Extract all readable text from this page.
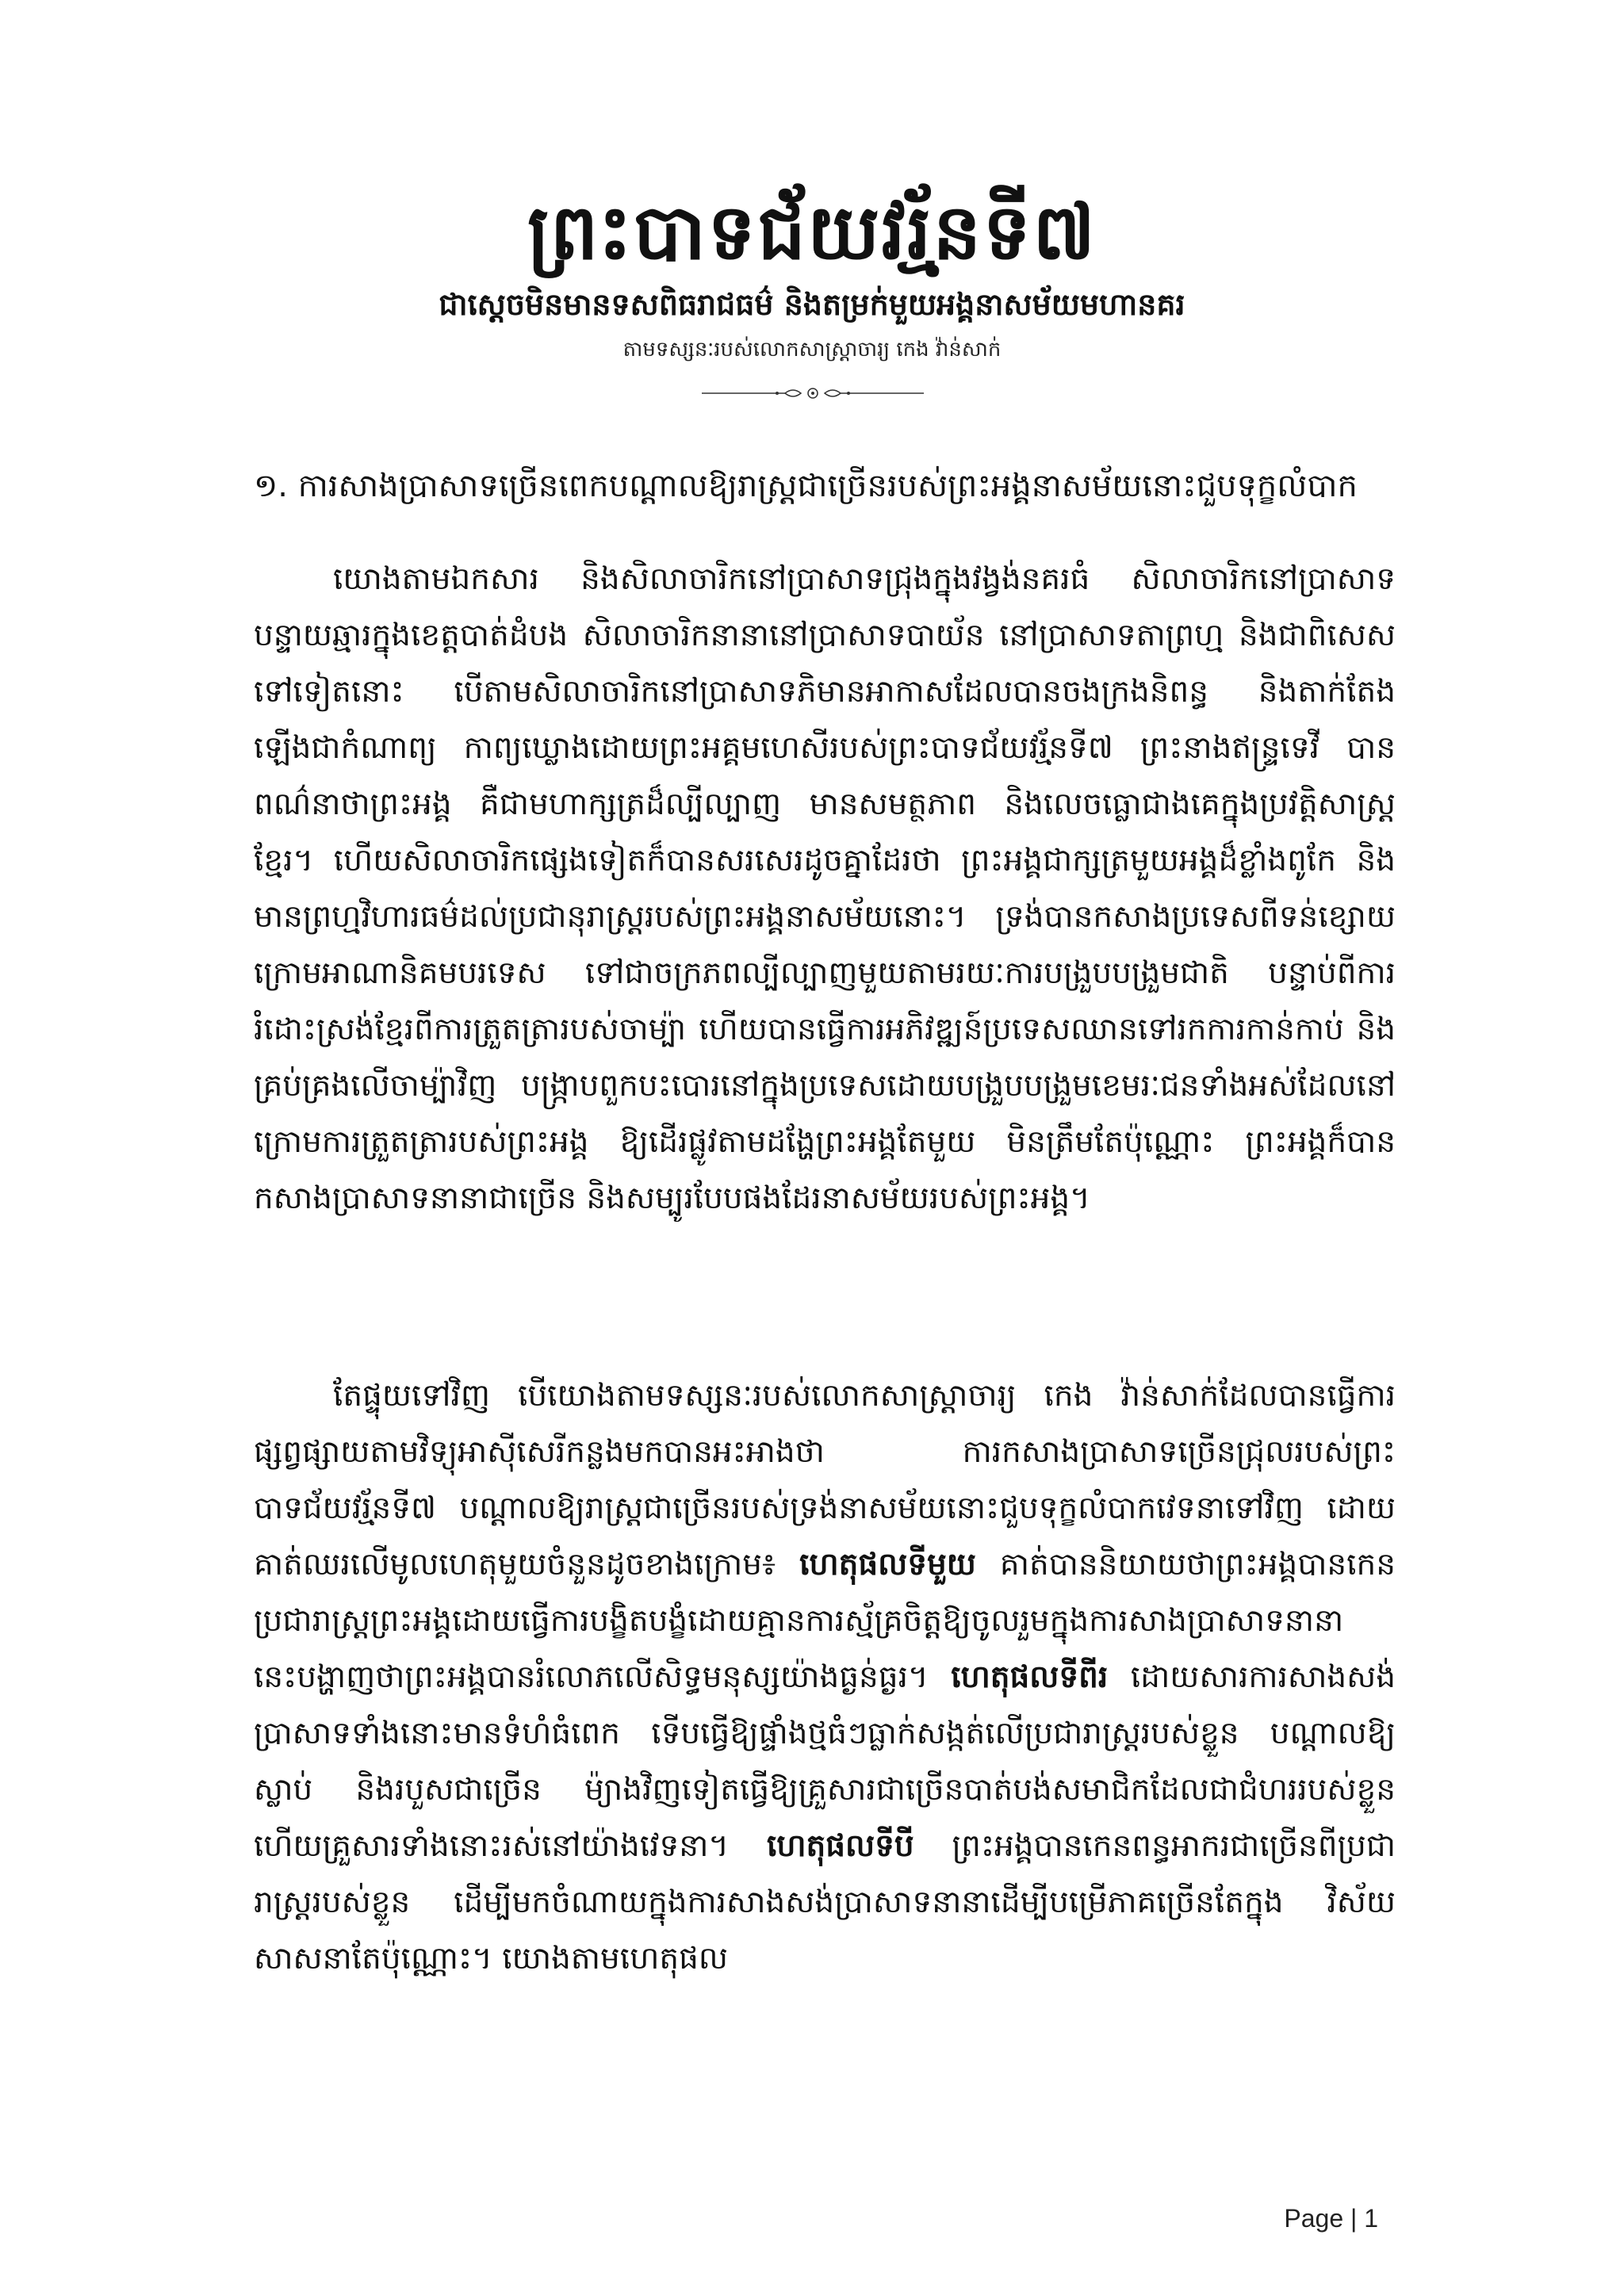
ព្រះបាទជ័យវរ្ម័នទី៧
ជាស្ដេចមិនមានទសពិធរាជធម៌ និងតម្រក់មួយអង្គនាសម័យមហានគរ
តាមទស្សនៈរបស់លោកសាស្ត្រាចារ្យ កេង វ៉ាន់សាក់
១. ការសាងប្រាសាទច្រើនពេកបណ្ដាលឱ្យរាស្ត្រជាច្រើនរបស់ព្រះអង្គនាសម័យនោះជួបទុក្ខលំបាក

យោងតាមឯកសារ និងសិលាចារិកនៅប្រាសាទជ្រុងក្នុងវង្វង់នគរធំ សិលាចារិកនៅប្រាសាទបន្ទាយឆ្មារក្នុងខេត្តបាត់ដំបង សិលាចារិកនានានៅប្រាសាទបាយ័ន នៅប្រាសាទតាព្រហ្ម និងជាពិសេសទៅទៀតនោះ បើតាមសិលាចារិកនៅប្រាសាទភិមានអាកាសដែលបានចងក្រងនិពន្ធ និងតាក់តែងឡើងជាកំណាព្យ កាព្យឃ្លោងដោយព្រះអគ្គមហេសីរបស់ព្រះបាទជ័យវរ្ម័នទី៧ ព្រះនាងឥន្ទ្រទេវី បានពណ៌នាថាព្រះអង្គ គឺជាមហាក្សត្រដ៏ល្បីល្បាញ មានសមត្ថភាព និងលេចធ្លោជាងគេក្នុងប្រវត្តិសាស្ត្រខ្មែរ។ ហើយសិលាចារិកផ្សេងទៀតក៏បានសរសេរដូចគ្នាដែរថា ព្រះអង្គជាក្សត្រមួយអង្គដ៏ខ្លាំងពូកែ និងមានព្រហ្មវិហារធម៌ដល់ប្រជានុរាស្ត្ររបស់ព្រះអង្គនាសម័យនោះ។ ទ្រង់បានកសាងប្រទេសពីទន់ខ្សោយក្រោមអាណានិគមបរទេស ទៅជាចក្រភពល្បីល្បាញមួយតាមរយៈការបង្រួបបង្រួមជាតិ បន្ទាប់ពីការរំដោះស្រង់ខ្មែរពីការត្រួតត្រារបស់ចាម្ប៉ា ហើយបានធ្វើការអភិវឌ្ឍន៍ប្រទេសឈានទៅរកការកាន់កាប់ និងគ្រប់គ្រងលើចាម្ប៉ាវិញ បង្ក្រាបពួកបះបោរនៅក្នុងប្រទេសដោយបង្រួបបង្រួមខេមរៈជនទាំងអស់ដែលនៅក្រោមការត្រួតត្រារបស់ព្រះអង្គ ឱ្យដើរផ្លូវតាមដង្ហែព្រះអង្គតែមួយ មិនត្រឹមតែប៉ុណ្ណោះ ព្រះអង្គក៏បានកសាងប្រាសាទនានាជាច្រើន និងសម្បូរបែបផងដែរនាសម័យរបស់ព្រះអង្គ។

តែផ្ទុយទៅវិញ បើយោងតាមទស្សនៈរបស់លោកសាស្ត្រាចារ្យ កេង វ៉ាន់សាក់ដែលបានធ្វើការផ្សព្វផ្សាយតាមវិទ្យុអាស៊ីសេរីកន្លងមកបានអះអាងថា ការកសាងប្រាសាទច្រើនជ្រុលរបស់ព្រះបាទជ័យវរ្ម័នទី៧ បណ្ដាលឱ្យរាស្ត្រជាច្រើនរបស់ទ្រង់នាសម័យនោះជួបទុក្ខលំបាកវេទនាទៅវិញ ដោយគាត់ឈរលើមូលហេតុមួយចំនួនដូចខាងក្រោម៖ ហេតុផលទីមួយ គាត់បាននិយាយថាព្រះអង្គបានកេនប្រជារាស្ត្រព្រះអង្គដោយធ្វើការបង្ខិតបង្ខំដោយគ្មានការស្ម័គ្រចិត្តឱ្យចូលរួមក្នុងការសាងប្រាសាទនានា នេះបង្ហាញថាព្រះអង្គបានរំលោភលើសិទ្ធមនុស្សយ៉ាងធ្ងន់ធ្ងរ។ ហេតុផលទីពីរ ដោយសារការសាងសង់ប្រាសាទទាំងនោះមានទំហំធំពេក ទើបធ្វើឱ្យផ្ទាំងថ្មធំៗធ្លាក់សង្កត់លើប្រជារាស្ត្ររបស់ខ្លួន បណ្ដាលឱ្យ ស្លាប់ និងរបួសជាច្រើន ម៉្យាងវិញទៀតធ្វើឱ្យគ្រួសារជាច្រើនបាត់បង់សមាជិកដែលជាជំហររបស់ខ្លួន ហើយគ្រួសារទាំងនោះរស់នៅយ៉ាងវេទនា។ ហេតុផលទីបី ព្រះអង្គបានកេនពន្ធអាករជាច្រើនពីប្រជារាស្ត្ររបស់ខ្លួន ដើម្បីមកចំណាយក្នុងការសាងសង់ប្រាសាទនានាដើម្បីបម្រើភាគច្រើនតែក្នុង វិស័យសាសនាតែប៉ុណ្ណោះ។ យោងតាមហេតុផល

Page | 1
